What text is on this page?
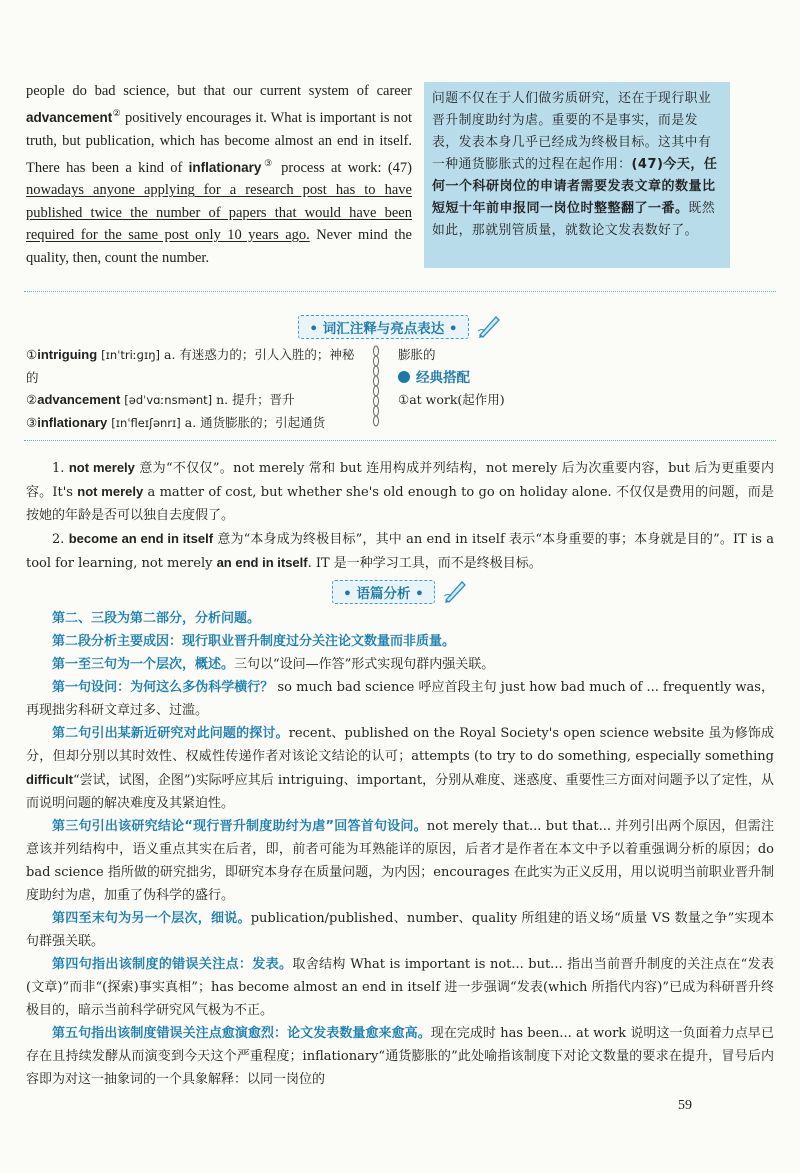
people do bad science, but that our current system of career advancement② positively encourages it. What is important is not truth, but publication, which has become almost an end in itself. There has been a kind of inflationary③ process at work: (47) nowadays anyone applying for a research post has to have published twice the number of papers that would have been required for the same post only 10 years ago. Never mind the quality, then, count the number.
问题不仅在于人们做劣质研究，还在于现行职业晋升制度助纣为虐。重要的不是事实，而是发表，发表本身几乎已经成为终极目标。这其中有一种通货膨胀式的过程在起作用：(47)今天，任何一个科研岗位的申请者需要发表文章的数量比短短十年前申报同一岗位时整整翻了一番。既然如此，那就别管质量，就数论文发表数好了。
• 词汇注释与亮点表达 •
①intriguing [ɪnˈtriːɡɪŋ] a. 有迷惑力的；引人入胜的；神秘的
②advancement [ədˈvɑːnsmənt] n. 提升；晋升
③inflationary [ɪnˈfleɪʃənrɪ] a. 通货膨胀的；引起通货
膨胀的
经典搭配
①at work(起作用)
1. not merely 意为“不仅仅”。not merely 常和 but 连用构成并列结构，not merely 后为次重要内容，but 后为更重要内容。It's not merely a matter of cost, but whether she's old enough to go on holiday alone. 不仅仅是费用的问题，而是按她的年龄是否可以独自去度假了。
2. become an end in itself 意为“本身成为终极目标”，其中 an end in itself 表示“本身重要的事；本身就是目的”。IT is a tool for learning, not merely an end in itself. IT 是一种学习工具，而不是终极目标。
• 语篇分析 •
第二、三段为第二部分，分析问题。
第二段分析主要成因：现行职业晋升制度过分关注论文数量而非质量。
第一至三句为一个层次，概述。三句以“设问—作答”形式实现句群内强关联。
第一句设问：为何这么多伪科学横行？ so much bad science 呼应首段主句 just how bad much of ... frequently was，再现拙劣科研文章过多、过滥。
第二句引出某新近研究对此问题的探讨。recent、published on the Royal Society's open science website 虽为修饰成分，但却分别以其时效性、权威性传递作者对该论文结论的认可；attempts (to try to do something, especially something difficult“尝试，试图，企图”)实际呼应其后 intriguing、important，分别从难度、迷惑度、重要性三方面对问题予以了定性，从而说明问题的解决难度及其紧迫性。
第三句引出该研究结论“现行晋升制度助纣为虐”回答首句设问。not merely that... but that... 并列引出两个原因，但需注意该并列结构中，语义重点其实在后者，即，前者可能为耳熟能详的原因，后者才是作者在本文中予以着重强调分析的原因；do bad science 指所做的研究拙劣，即研究本身存在质量问题，为内因；encourages 在此实为正义反用，用以说明当前职业晋升制度助纣为虐，加重了伪科学的盛行。
第四至末句为另一个层次，细说。publication/published、number、quality 所组建的语义场“质量 VS 数量之争”实现本句群强关联。
第四句指出该制度的错误关注点：发表。取舍结构 What is important is not... but... 指出当前晋升制度的关注点在“发表(文章)”而非“(探索)事实真相”；has become almost an end in itself 进一步强调“发表(which 所指代内容)”已成为科研晋升终极目的，暗示当前科学研究风气极为不正。
第五句指出该制度错误关注点愈演愈烈：论文发表数量愈来愈高。现在完成时 has been... at work 说明这一负面着力点早已存在且持续发酵从而演变到今天这个严重程度；inflationary“通货膨胀的”此处喻指该制度下对论文数量的要求在提升，冒号后内容即为对这一抽象词的一个具象解释：以同一岗位的
59
